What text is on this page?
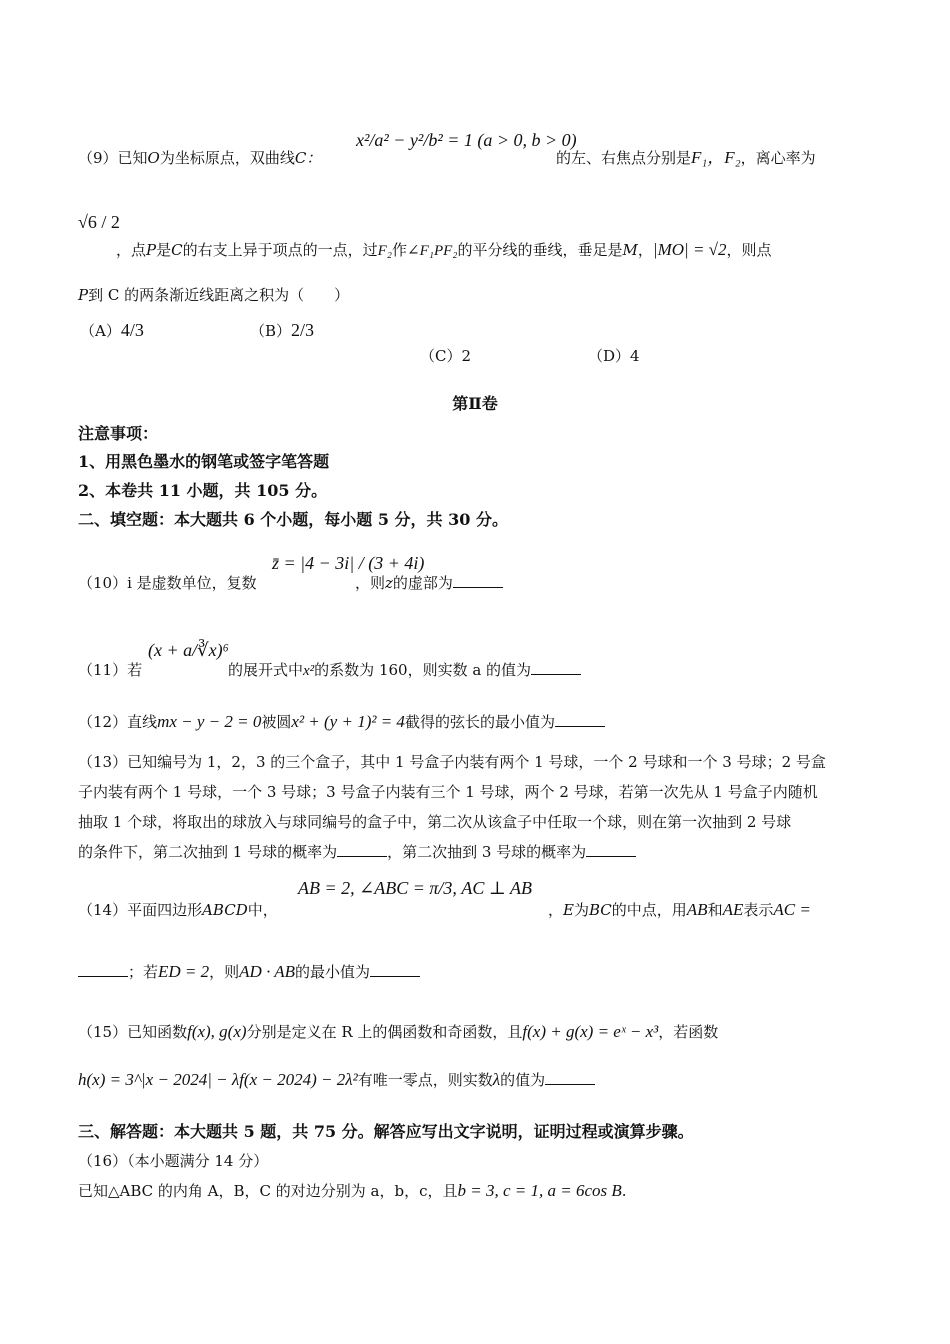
（9）已知O为坐标原点，双曲线C：
x²/a² − y²/b² = 1 (a > 0, b > 0)
的左、右焦点分别是F₁，F₂，离心率为
√6 / 2
，点P是C的右支上异于项点的一点，过F₂作∠F₁PF₂的平分线的垂线，垂足是M，|MO| = √2，则点
P到 C 的两条渐近线距离之积为（　　）
（A）4/3	（B）2/3
（C）2	（D）4
第Ⅱ卷
注意事项：
1、用黑色墨水的钢笔或签字笔答题
2、本卷共 11 小题，共 105 分。
二、填空题：本大题共 6 个小题，每小题 5 分，共 30 分。
（10）i 是虚数单位，复数
z̄ = |4 − 3i| / (3 + 4i)
，则z的虚部为
（11）若
(x + a/∛x)⁶
的展开式中x²的系数为 160，则实数 a 的值为
（12）直线mx − y − 2 = 0被圆x² + (y + 1)² = 4截得的弦长的最小值为
（13）已知编号为 1，2，3 的三个盒子，其中 1 号盒子内装有两个 1 号球，一个 2 号球和一个 3 号球；2 号盒
子内装有两个 1 号球，一个 3 号球；3 号盒子内装有三个 1 号球，两个 2 号球，若第一次先从 1 号盒子内随机
抽取 1 个球，将取出的球放入与球同编号的盒子中，第二次从该盒子中任取一个球，则在第一次抽到 2 号球
的条件下，第二次抽到 1 号球的概率为	，第二次抽到 3 号球的概率为
（14）平面四边形ABCD中，
AB = 2, ∠ABC = π/3, AC ⊥ AB
，E为BC的中点，用AB和AE表示AC =
；若ED = 2，则AD · AB的最小值为
（15）已知函数f(x), g(x)分别是定义在 R 上的偶函数和奇函数，且f(x) + g(x) = eˣ − x³，若函数
h(x) = 3^|x − 2024| − λf(x − 2024) − 2λ²有唯一零点，则实数λ的值为
三、解答题：本大题共 5 题，共 75 分。解答应写出文字说明，证明过程或演算步骤。
（16）（本小题满分 14 分）
已知△ABC 的内角 A，B，C 的对边分别为 a，b，c，且b = 3, c = 1, a = 6cos B.
